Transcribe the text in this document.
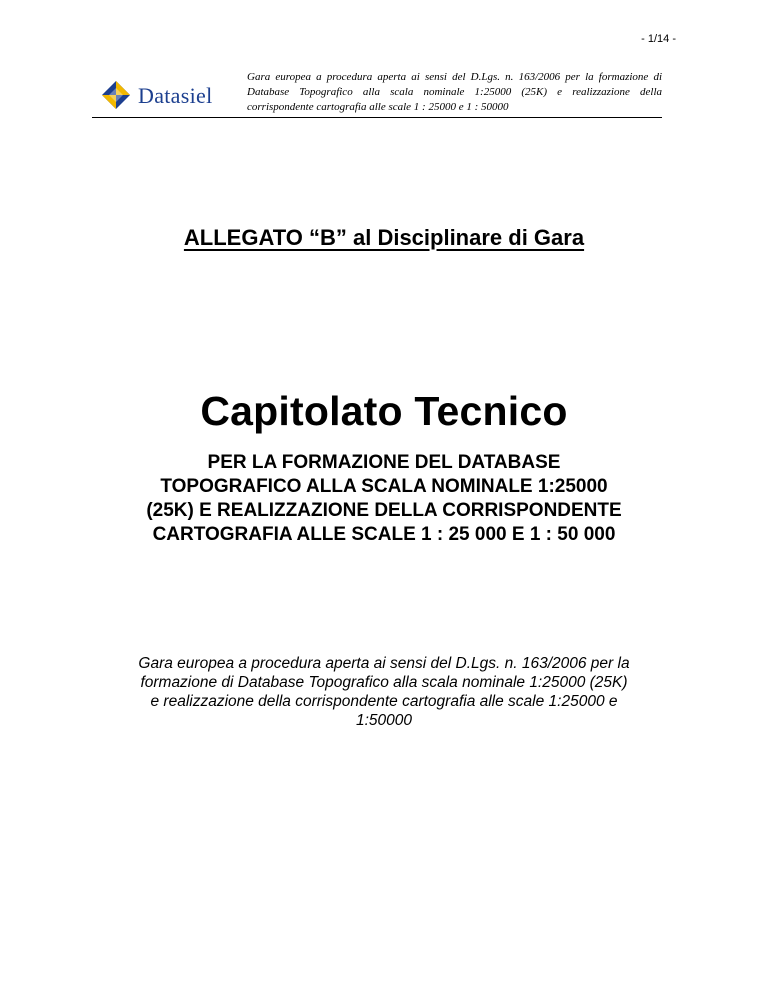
- 1/14 -
Datasiel
Gara europea a procedura aperta ai sensi del D.Lgs. n. 163/2006 per la formazione di Database Topografico alla scala nominale 1:25000 (25K) e realizzazione della corrispondente cartografia alle scale 1 : 25000 e 1 : 50000
ALLEGATO “B” al Disciplinare di Gara
Capitolato Tecnico
PER LA FORMAZIONE DEL DATABASE
TOPOGRAFICO ALLA SCALA NOMINALE 1:25000
(25K) E REALIZZAZIONE DELLA CORRISPONDENTE
CARTOGRAFIA ALLE SCALE 1 : 25 000 E 1 : 50 000
Gara europea a procedura aperta ai sensi del D.Lgs. n. 163/2006 per la
formazione di Database Topografico alla scala nominale 1:25000 (25K)
e realizzazione della corrispondente cartografia alle scale 1:25000 e
1:50000
